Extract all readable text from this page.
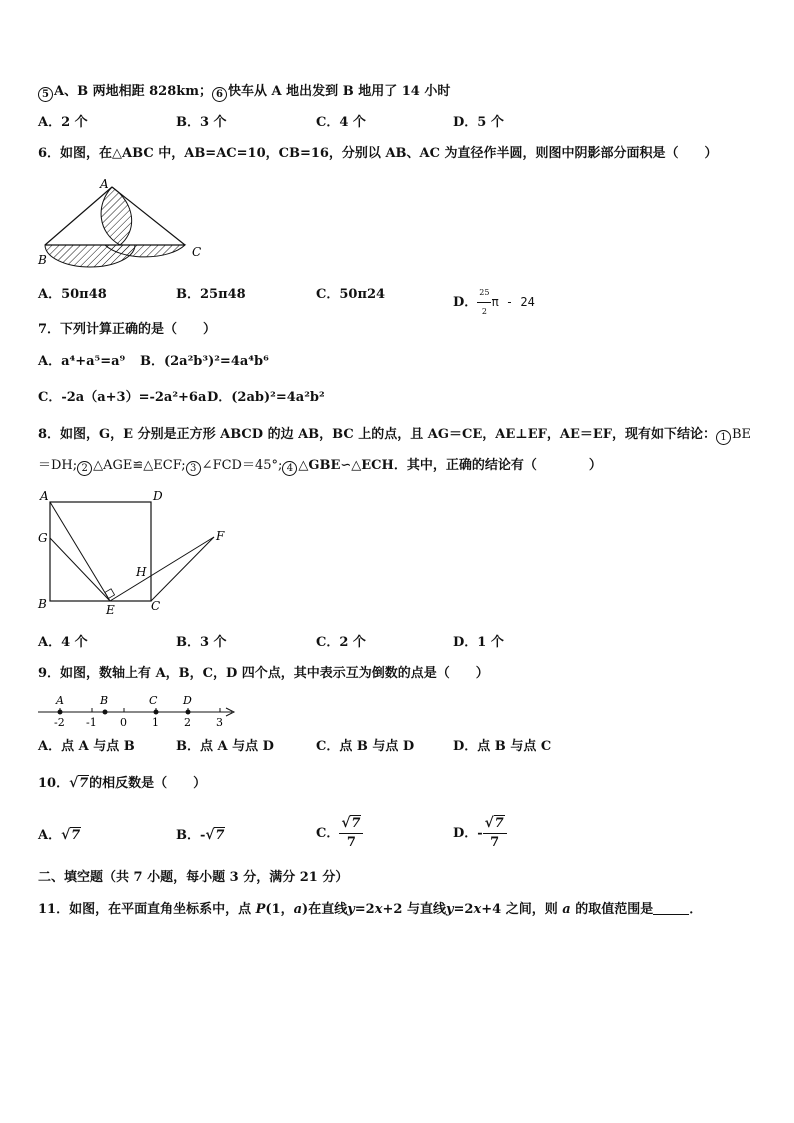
5 A、B 两地相距 828km； 6 快车从 A 地出发到 B 地用了 14 小时
A．2 个	B．3 个	C．4 个	D．5 个
6．如图，在△ABC 中，AB=AC=10，CB=16，分别以 AB、AC 为直径作半圆，则图中阴影部分面积是（　　）
A
B
C
A．50π48	B．25π48	C．50π24
D． $\frac{25}{2}$ π - 24
7．下列计算正确的是（　　）
A．a⁴+a⁵=a⁹ B．(2a²b³)²=4a⁴b⁶
C．-2a（a+3）=-2a²+6a D．(2ab)²=4a²b²
8．如图，G，E 分别是正方形 ABCD 的边 AB，BC 上的点，且 AG＝CE，AE⊥EF，AE＝EF，现有如下结论： 1 BE
＝DH; 2 △AGE≌△ECF; 3 ∠FCD＝45°; 4 △GBE∽△ECH．其中，正确的结论有（　　　　）
A	D
G
B	E	C
H
F
A．4 个	B．3 个	C．2 个	D．1 个
9．如图，数轴上有 A，B，C，D 四个点，其中表示互为倒数的点是（　　）
A	B	C D
-2 -1 0 1 2 3
A．点 A 与点 B	B．点 A 与点 D	C．点 B 与点 D	D．点 B 与点 C
10． √ 7的相反数是（　　）
A． √ 7	B．- √ 7	C． $\frac{√ 7}{7}$	D．- $\frac{√ 7}{7}$
二、填空题（共 7 小题，每小题 3 分，满分 21 分）
11．如图，在平面直角坐标系中，点 P(1，a)在直线y=2x+2 与直线y=2x+4 之间，则 a 的取值范围是	．
